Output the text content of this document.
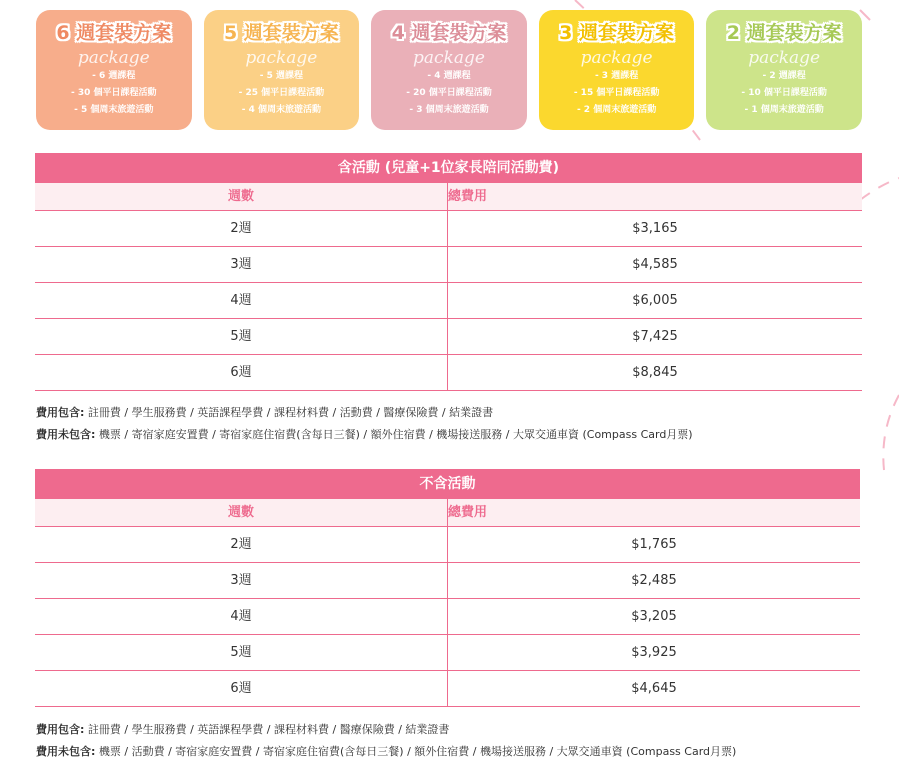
6 週套裝方案
package
- 6 週課程
- 30 個平日課程活動
- 5 個周末旅遊活動
5 週套裝方案
package
- 5 週課程
- 25 個平日課程活動
- 4 個周末旅遊活動
4 週套裝方案
package
- 4 週課程
- 20 個平日課程活動
- 3 個周末旅遊活動
3 週套裝方案
package
- 3 週課程
- 15 個平日課程活動
- 2 個周末旅遊活動
2 週套裝方案
package
- 2 週課程
- 10 個平日課程活動
- 1 個周末旅遊活動
含活動 (兒童+1位家長陪同活動費)
週數	總費用
2週	$3,165
3週	$4,585
4週	$6,005
5週	$7,425
6週	$8,845

費用包含: 註冊費 / 學生服務費 / 英語課程學費 / 課程材料費 / 活動費 / 醫療保險費 / 結業證書

費用未包含: 機票 / 寄宿家庭安置費 / 寄宿家庭住宿費(含每日三餐) / 額外住宿費 / 機場接送服務 / 大眾交通車資 (Compass Card月票)

不含活動
週數	總費用
2週	$1,765
3週	$2,485
4週	$3,205
5週	$3,925
6週	$4,645

費用包含: 註冊費 / 學生服務費 / 英語課程學費 / 課程材料費 / 醫療保險費 / 結業證書

費用未包含: 機票 / 活動費 / 寄宿家庭安置費 / 寄宿家庭住宿費(含每日三餐) / 額外住宿費 / 機場接送服務 / 大眾交通車資 (Compass Card月票)
